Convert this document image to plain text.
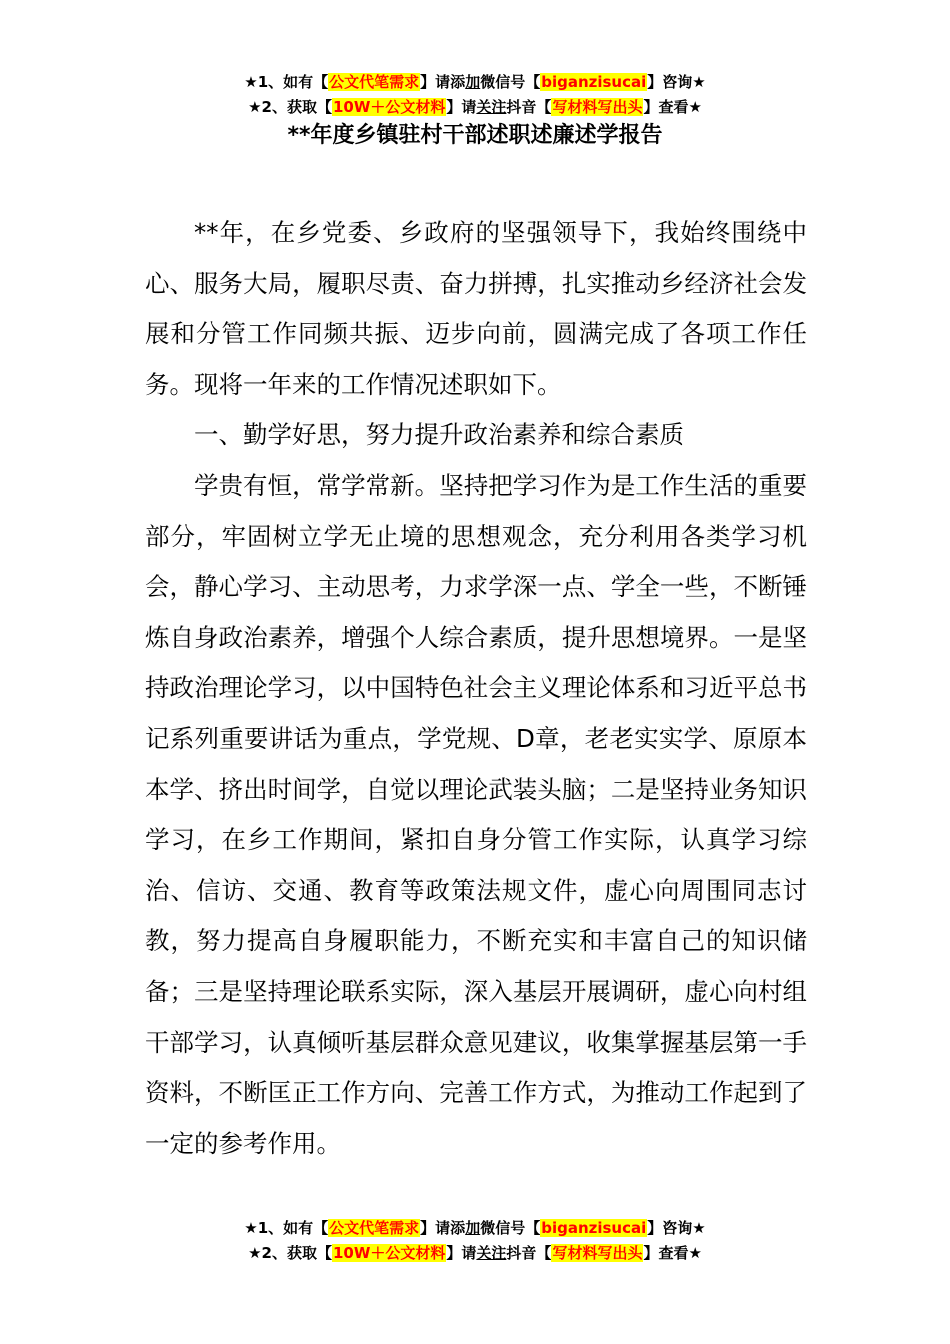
★1、如有【公文代笔需求】请添加微信号【biganzisucai】咨询★
★2、获取【10W＋公文材料】请关注抖音【写材料写出头】查看★
**年度乡镇驻村干部述职述廉述学报告

**年，在乡党委、乡政府的坚强领导下，我始终围绕中心、服务大局，履职尽责、奋力拼搏，扎实推动乡经济社会发展和分管工作同频共振、迈步向前，圆满完成了各项工作任务。现将一年来的工作情况述职如下。

一、勤学好思，努力提升政治素养和综合素质

学贵有恒，常学常新。坚持把学习作为是工作生活的重要部分，牢固树立学无止境的思想观念，充分利用各类学习机会，静心学习、主动思考，力求学深一点、学全一些，不断锤炼自身政治素养，增强个人综合素质，提升思想境界。一是坚持政治理论学习，以中国特色社会主义理论体系和习近平总书记系列重要讲话为重点，学党规、D章，老老实实学、原原本本学、挤出时间学，自觉以理论武装头脑；二是坚持业务知识学习，在乡工作期间，紧扣自身分管工作实际，认真学习综治、信访、交通、教育等政策法规文件，虚心向周围同志讨教，努力提高自身履职能力，不断充实和丰富自己的知识储备；三是坚持理论联系实际，深入基层开展调研，虚心向村组干部学习，认真倾听基层群众意见建议，收集掌握基层第一手资料，不断匡正工作方向、完善工作方式，为推动工作起到了一定的参考作用。

★1、如有【公文代笔需求】请添加微信号【biganzisucai】咨询★
★2、获取【10W＋公文材料】请关注抖音【写材料写出头】查看★
